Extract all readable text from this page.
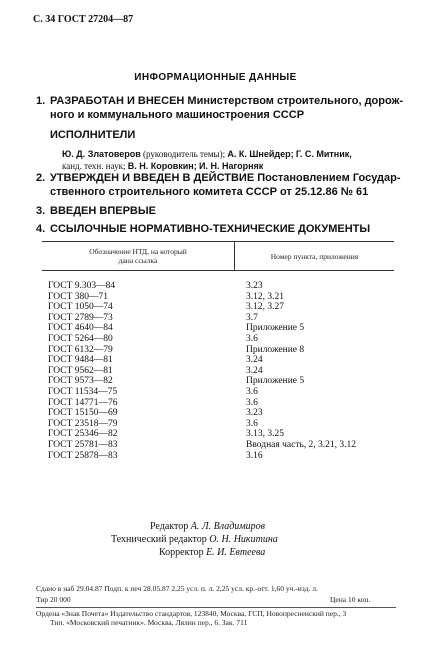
С. 34 ГОСТ 27204—87
ИНФОРМАЦИОННЫЕ ДАННЫЕ
1. РАЗРАБОТАН И ВНЕСЕН Министерством строительного, дорож-
ного и коммунального машиностроения СССР
ИСПОЛНИТЕЛИ
Ю. Д. Златоверов (руководитель темы); А. К. Шнейдер; Г. С. Митник,
канд. техн. наук; В. Н. Коровкин; И. Н. Нагорняк
2. УТВЕРЖДЕН И ВВЕДЕН В ДЕЙСТВИЕ Постановлением Государ-
ственного строительного комитета СССР от 25.12.86 № 61
3. ВВЕДЕН ВПЕРВЫЕ
4. ССЫЛОЧНЫЕ НОРМАТИВНО-ТЕХНИЧЕСКИЕ ДОКУМЕНТЫ
Обозначение НТД, на который
дана ссылка	Номер пункта, приложения
ГОСТ 9.303—84	3.23
ГОСТ 380—71	3.12, 3.21
ГОСТ 1050—74	3.12, 3.27
ГОСТ 2789—73	3.7
ГОСТ 4640—84	Приложение 5
ГОСТ 5264—80	3.6
ГОСТ 6132—79	Приложение 8
ГОСТ 9484—81	3.24
ГОСТ 9562—81	3.24
ГОСТ 9573—82	Приложение 5
ГОСТ 11534—75	3.6
ГОСТ 14771—76	3.6
ГОСТ 15150—69	3.23
ГОСТ 23518—79	3.6
ГОСТ 25346—82	3.13, 3.25
ГОСТ 25781—83	Вводная часть, 2, 3.21, 3.12
ГОСТ 25878—83	3.16
Редактор А. Л. Владимиров
Технический редактор О. Н. Никитина
Корректор Е. И. Евтеева
Сдано в наб 29.04.87 Подп. к печ 28.05.87 2,25 усл. п. л. 2,25 усл. кр.-отт. 1,60 уч.-изд. л.
Тир 20 000	Цена 10 коп.
Ордена «Знак Почета» Издательство стандартов, 123840, Москва, ГСП, Новопресненский пер., 3
Тип. «Московский печатник». Москва, Лялин пер., 6. Зак. 711
